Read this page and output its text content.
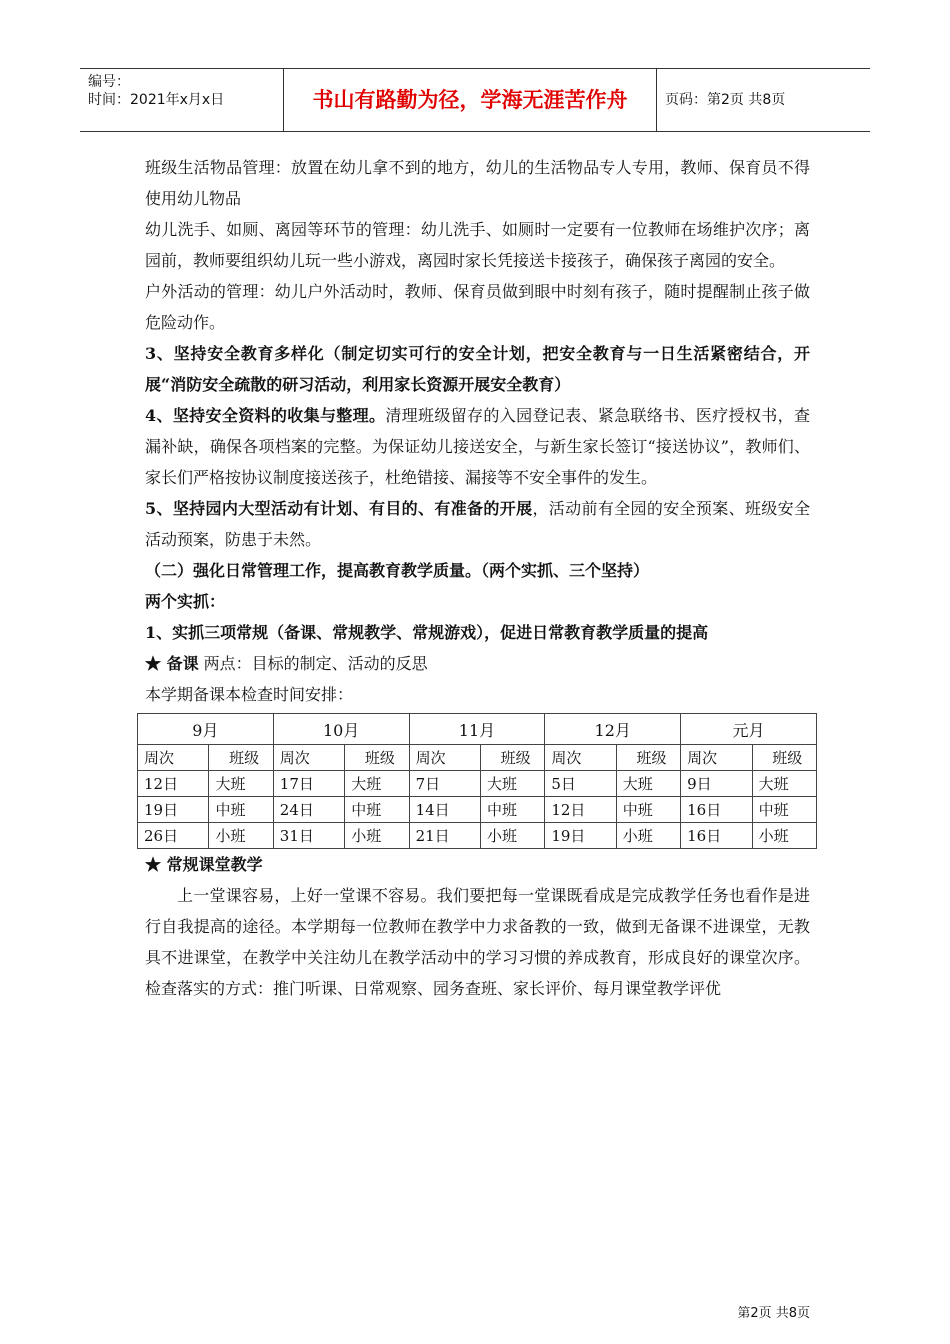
编号：
时间：2021年x月x日	书山有路勤为径，学海无涯苦作舟	页码：第2页 共8页

班级生活物品管理：放置在幼儿拿不到的地方，幼儿的生活物品专人专用，教师、保育员不得使用幼儿物品

幼儿洗手、如厕、离园等环节的管理：幼儿洗手、如厕时一定要有一位教师在场维护次序；离园前，教师要组织幼儿玩一些小游戏，离园时家长凭接送卡接孩子，确保孩子离园的安全。

户外活动的管理：幼儿户外活动时，教师、保育员做到眼中时刻有孩子，随时提醒制止孩子做危险动作。

3、坚持安全教育多样化（制定切实可行的安全计划，把安全教育与一日生活紧密结合，开展“消防安全疏散的研习活动，利用家长资源开展安全教育）

4、坚持安全资料的收集与整理。清理班级留存的入园登记表、紧急联络书、医疗授权书，查漏补缺，确保各项档案的完整。为保证幼儿接送安全，与新生家长签订“接送协议”，教师们、家长们严格按协议制度接送孩子，杜绝错接、漏接等不安全事件的发生。

5、坚持园内大型活动有计划、有目的、有准备的开展，活动前有全园的安全预案、班级安全活动预案，防患于未然。

（二）强化日常管理工作，提高教育教学质量。（两个实抓、三个坚持）

两个实抓：

1、实抓三项常规（备课、常规教学、常规游戏），促进日常教育教学质量的提高

★ 备课 两点：目标的制定、活动的反思

本学期备课本检查时间安排：

9月		10月		11月		12月		元月	
周次	班级	周次	班级	周次	班级	周次	班级	周次	班级
12日	大班	17日	大班	7日	大班	5日	大班	9日	大班
19日	中班	24日	中班	14日	中班	12日	中班	16日	中班
26日	小班	31日	小班	21日	小班	19日	小班	16日	小班

★ 常规课堂教学

上一堂课容易，上好一堂课不容易。我们要把每一堂课既看成是完成教学任务也看作是进行自我提高的途径。本学期每一位教师在教学中力求备教的一致，做到无备课不进课堂，无教具不进课堂，在教学中关注幼儿在教学活动中的学习习惯的养成教育，形成良好的课堂次序。检查落实的方式：推门听课、日常观察、园务查班、家长评价、每月课堂教学评优

第2页 共8页
